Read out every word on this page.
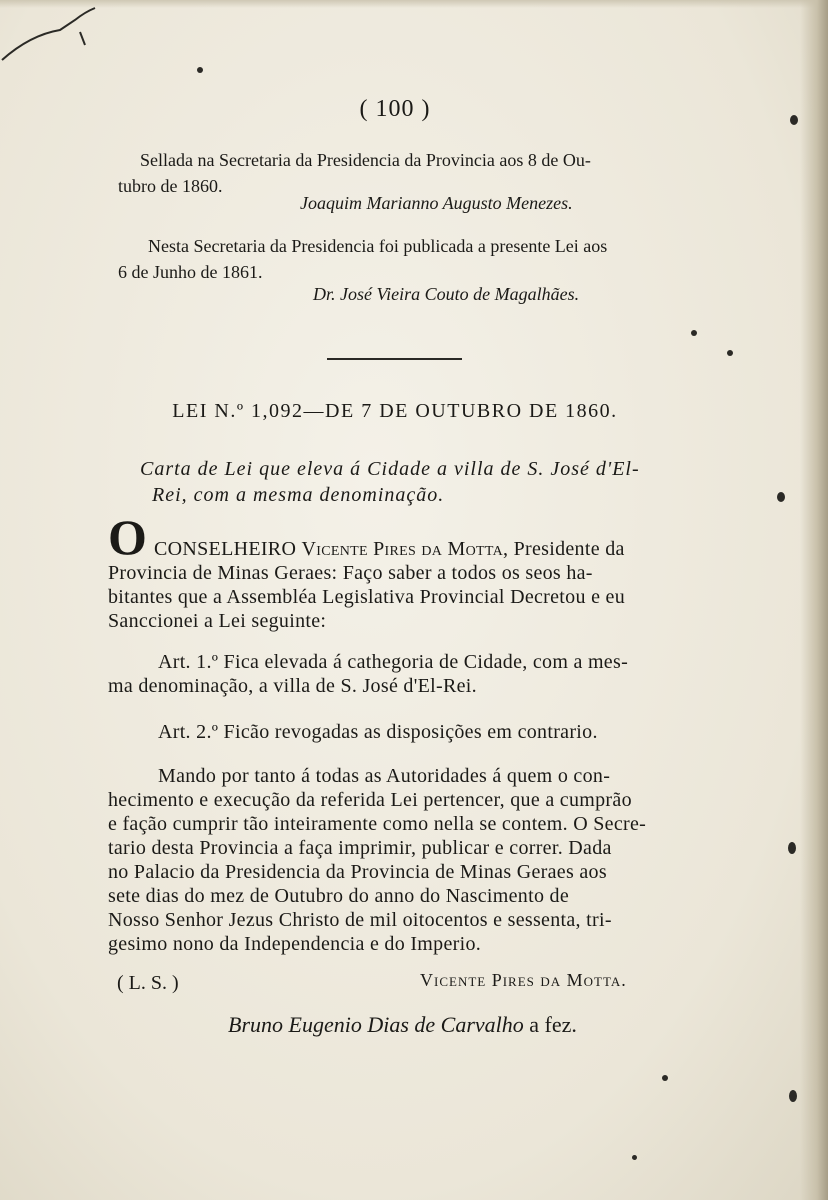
( 100 )

Sellada na Secretaria da Presidencia da Provincia aos 8 de Ou-

tubro de 1860.

Joaquim Marianno Augusto Menezes.

Nesta Secretaria da Presidencia foi publicada a presente Lei aos

6 de Junho de 1861.

Dr. José Vieira Couto de Magalhães.
LEI N.º 1,092—DE 7 DE OUTUBRO DE 1860.
Carta de Lei que eleva á Cidade a villa de S. José d'El-
Rei, com a mesma denominação.
O CONSELHEIRO Vicente Pires da Motta, Presidente da
Provincia de Minas Geraes: Faço saber a todos os seos ha-
bitantes que a Assembléa Legislativa Provincial Decretou e eu
Sanccionei a Lei seguinte:
Art. 1.º Fica elevada á cathegoria de Cidade, com a mes-
ma denominação, a villa de S. José d'El-Rei.
Art. 2.º Ficão revogadas as disposições em contrario.
Mando por tanto á todas as Autoridades á quem o con-
hecimento e execução da referida Lei pertencer, que a cumprão
e fação cumprir tão inteiramente como nella se contem. O Secre-
tario desta Provincia a faça imprimir, publicar e correr. Dada
no Palacio da Presidencia da Provincia de Minas Geraes aos
sete dias do mez de Outubro do anno do Nascimento de
Nosso Senhor Jezus Christo de mil oitocentos e sessenta, tri-
gesimo nono da Independencia e do Imperio.
( L. S. )	Vicente Pires da Motta.
Bruno Eugenio Dias de Carvalho a fez.
